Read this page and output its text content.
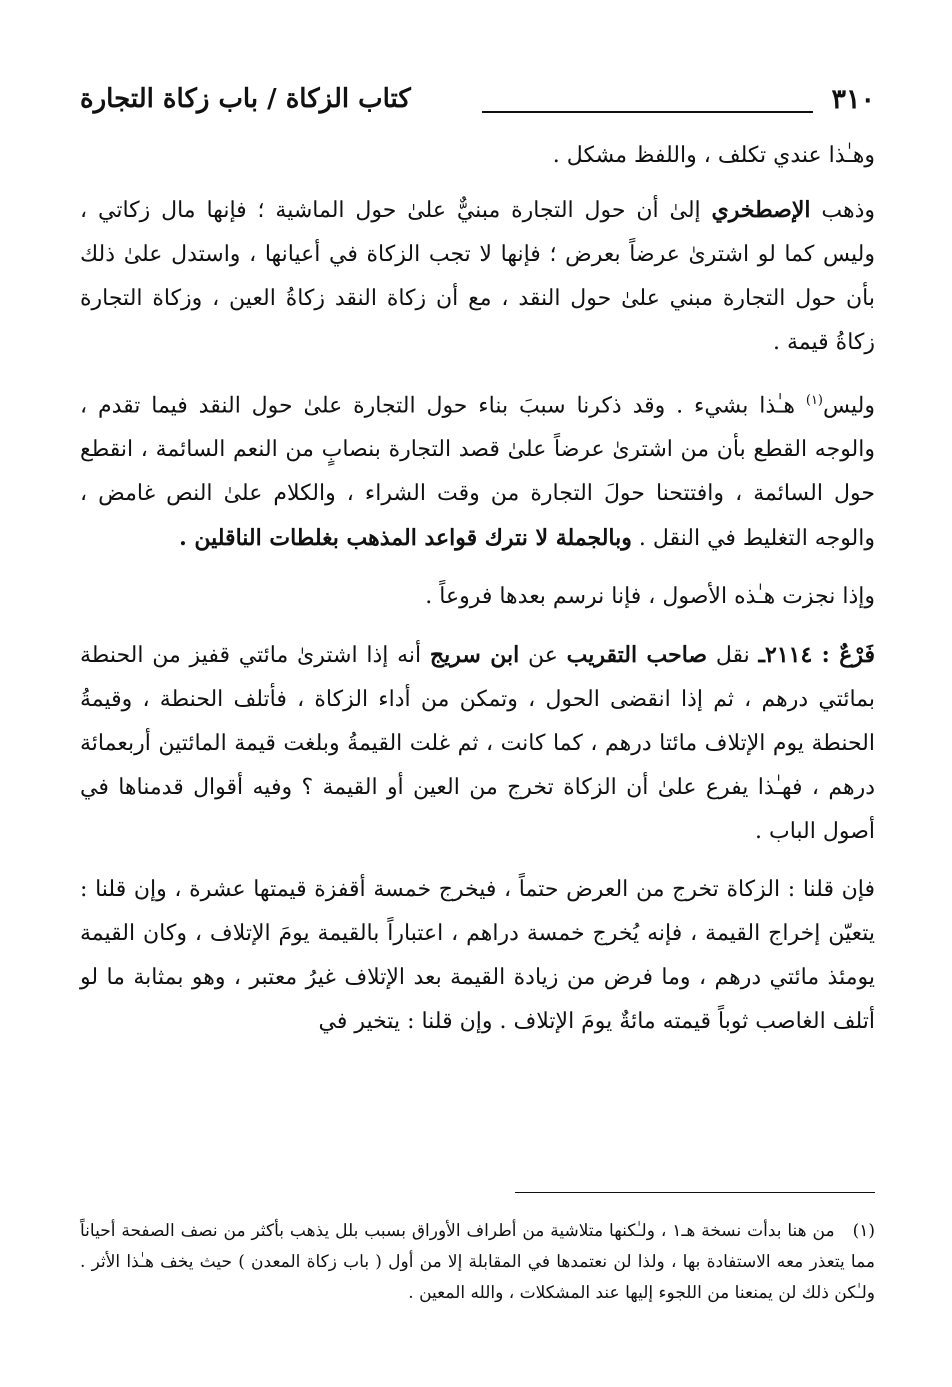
٣١٠
كتاب الزكاة / باب زكاة التجارة

وهـٰذا عندي تكلف ، واللفظ مشكل .

وذهب الإصطخري إلىٰ أن حول التجارة مبنيٌّ علىٰ حول الماشية ؛ فإنها مال زكاتي ، وليس كما لو اشترىٰ عرضاً بعرض ؛ فإنها لا تجب الزكاة في أعيانها ، واستدل علىٰ ذلك بأن حول التجارة مبني علىٰ حول النقد ، مع أن زكاة النقد زكاةُ العين ، وزكاة التجارة زكاةُ قيمة .

وليس$^{(١)}$ هـٰذا بشيء . وقد ذكرنا سببَ بناء حول التجارة علىٰ حول النقد فيما تقدم ، والوجه القطع بأن من اشترىٰ عرضاً علىٰ قصد التجارة بنصابٍ من النعم السائمة ، انقطع حول السائمة ، وافتتحنا حولَ التجارة من وقت الشراء ، والكلام علىٰ النص غامض ، والوجه التغليط في النقل . وبالجملة لا نترك قواعد المذهب بغلطات الناقلين .

وإذا نجزت هـٰذه الأصول ، فإنا نرسم بعدها فروعاً .

فَرْعٌ : ٢١١٤ـ نقل صاحب التقريب عن ابن سريج أنه إذا اشترىٰ مائتي قفيز من الحنطة بمائتي درهم ، ثم إذا انقضى الحول ، وتمكن من أداء الزكاة ، فأتلف الحنطة ، وقيمةُ الحنطة يوم الإتلاف مائتا درهم ، كما كانت ، ثم غلت القيمةُ وبلغت قيمة المائتين أربعمائة درهم ، فهـٰذا يفرع علىٰ أن الزكاة تخرج من العين أو القيمة ؟ وفيه أقوال قدمناها في أصول الباب .

فإن قلنا : الزكاة تخرج من العرض حتماً ، فيخرج خمسة أقفزة قيمتها عشرة ، وإن قلنا : يتعيّن إخراج القيمة ، فإنه يُخرج خمسة دراهم ، اعتباراً بالقيمة يومَ الإتلاف ، وكان القيمة يومئذ مائتي درهم ، وما فرض من زيادة القيمة بعد الإتلاف غيرُ معتبر ، وهو بمثابة ما لو أتلف الغاصب ثوباً قيمته مائةٌ يومَ الإتلاف . وإن قلنا : يتخير في

(١)
من هنا بدأت نسخة هـ١ ، ولـٰكنها متلاشية من أطراف الأوراق بسبب بلل يذهب بأكثر من نصف الصفحة أحياناً مما يتعذر معه الاستفادة بها ، ولذا لن نعتمدها في المقابلة إلا من أول ( باب زكاة المعدن ) حيث يخف هـٰذا الأثر . ولـٰكن ذلك لن يمنعنا من اللجوء إليها عند المشكلات ، والله المعين .
